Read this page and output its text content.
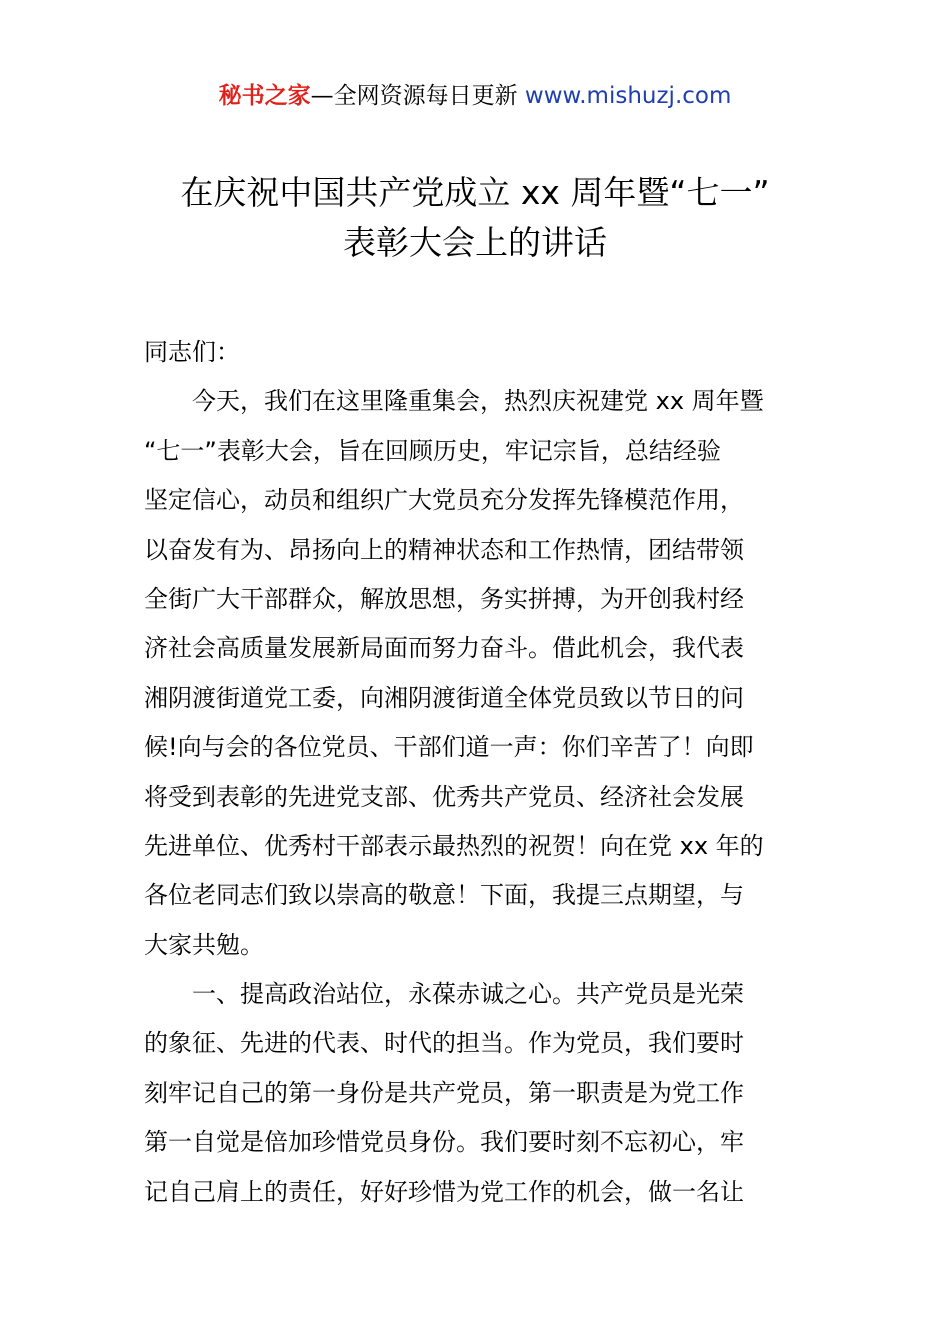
秘书之家—全网资源每日更新 www.mishuzj.com
在庆祝中国共产党成立 xx 周年暨“七一”
表彰大会上的讲话
同志们：
今天，我们在这里隆重集会，热烈庆祝建党 xx 周年暨
“七一”表彰大会，旨在回顾历史，牢记宗旨，总结经验
坚定信心，动员和组织广大党员充分发挥先锋模范作用，
以奋发有为、昂扬向上的精神状态和工作热情，团结带领
全街广大干部群众，解放思想，务实拼搏，为开创我村经
济社会高质量发展新局面而努力奋斗。借此机会，我代表
湘阴渡街道党工委，向湘阴渡街道全体党员致以节日的问
候!向与会的各位党员、干部们道一声：你们辛苦了！向即
将受到表彰的先进党支部、优秀共产党员、经济社会发展
先进单位、优秀村干部表示最热烈的祝贺！向在党 xx 年的
各位老同志们致以崇高的敬意！下面，我提三点期望，与
大家共勉。
一、提高政治站位，永葆赤诚之心。共产党员是光荣
的象征、先进的代表、时代的担当。作为党员，我们要时
刻牢记自己的第一身份是共产党员，第一职责是为党工作
第一自觉是倍加珍惜党员身份。我们要时刻不忘初心，牢
记自己肩上的责任，好好珍惜为党工作的机会，做一名让
